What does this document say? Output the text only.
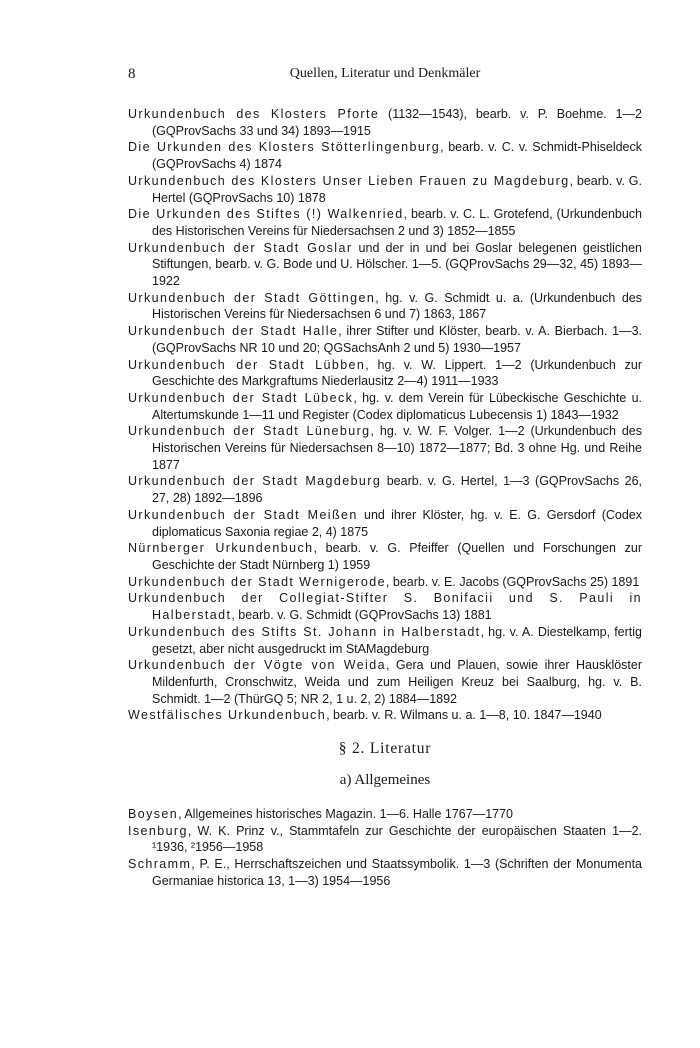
8	Quellen, Literatur und Denkmäler

Urkundenbuch des Klosters Pforte (1132—1543), bearb. v. P. Boehme. 1—2 (GQProvSachs 33 und 34) 1893—1915

Die Urkunden des Klosters Stötterlingenburg, bearb. v. C. v. Schmidt-Phiseldeck (GQProvSachs 4) 1874

Urkundenbuch des Klosters Unser Lieben Frauen zu Magdeburg, bearb. v. G. Hertel (GQProvSachs 10) 1878

Die Urkunden des Stiftes (!) Walkenried, bearb. v. C. L. Grotefend, (Urkundenbuch des Historischen Vereins für Niedersachsen 2 und 3) 1852—1855

Urkundenbuch der Stadt Goslar und der in und bei Goslar belegenen geistlichen Stiftungen, bearb. v. G. Bode und U. Hölscher. 1—5. (GQProvSachs 29—32, 45) 1893—1922

Urkundenbuch der Stadt Göttingen, hg. v. G. Schmidt u. a. (Urkundenbuch des Historischen Vereins für Niedersachsen 6 und 7) 1863, 1867

Urkundenbuch der Stadt Halle, ihrer Stifter und Klöster, bearb. v. A. Bierbach. 1—3. (GQProvSachs NR 10 und 20; QGSachsAnh 2 und 5) 1930—1957

Urkundenbuch der Stadt Lübben, hg. v. W. Lippert. 1—2 (Urkundenbuch zur Geschichte des Markgraftums Niederlausitz 2—4) 1911—1933

Urkundenbuch der Stadt Lübeck, hg. v. dem Verein für Lübeckische Geschichte u. Altertumskunde 1—11 und Register (Codex diplomaticus Lubecensis 1) 1843—1932

Urkundenbuch der Stadt Lüneburg, hg. v. W. F. Volger. 1—2 (Urkundenbuch des Historischen Vereins für Niedersachsen 8—10) 1872—1877; Bd. 3 ohne Hg. und Reihe 1877

Urkundenbuch der Stadt Magdeburg bearb. v. G. Hertel, 1—3 (GQProvSachs 26, 27, 28) 1892—1896

Urkundenbuch der Stadt Meißen und ihrer Klöster, hg. v. E. G. Gersdorf (Codex diplomaticus Saxonia regiae 2, 4) 1875

Nürnberger Urkundenbuch, bearb. v. G. Pfeiffer (Quellen und Forschungen zur Geschichte der Stadt Nürnberg 1) 1959

Urkundenbuch der Stadt Wernigerode, bearb. v. E. Jacobs (GQProvSachs 25) 1891

Urkundenbuch der Collegiat-Stifter S. Bonifacii und S. Pauli in Halberstadt, bearb. v. G. Schmidt (GQProvSachs 13) 1881

Urkundenbuch des Stifts St. Johann in Halberstadt, hg. v. A. Diestelkamp, fertig gesetzt, aber nicht ausgedruckt im StAMagdeburg

Urkundenbuch der Vögte von Weida, Gera und Plauen, sowie ihrer Hausklöster Mildenfurth, Cronschwitz, Weida und zum Heiligen Kreuz bei Saalburg, hg. v. B. Schmidt. 1—2 (ThürGQ 5; NR 2, 1 u. 2, 2) 1884—1892

Westfälisches Urkundenbuch, bearb. v. R. Wilmans u. a. 1—8, 10. 1847—1940

§ 2. Literatur
a) Allgemeines

Boysen, Allgemeines historisches Magazin. 1—6. Halle 1767—1770

Isenburg, W. K. Prinz v., Stammtafeln zur Geschichte der europäischen Staaten 1—2. ¹1936, ²1956—1958

Schramm, P. E., Herrschaftszeichen und Staatssymbolik. 1—3 (Schriften der Monumenta Germaniae historica 13, 1—3) 1954—1956
